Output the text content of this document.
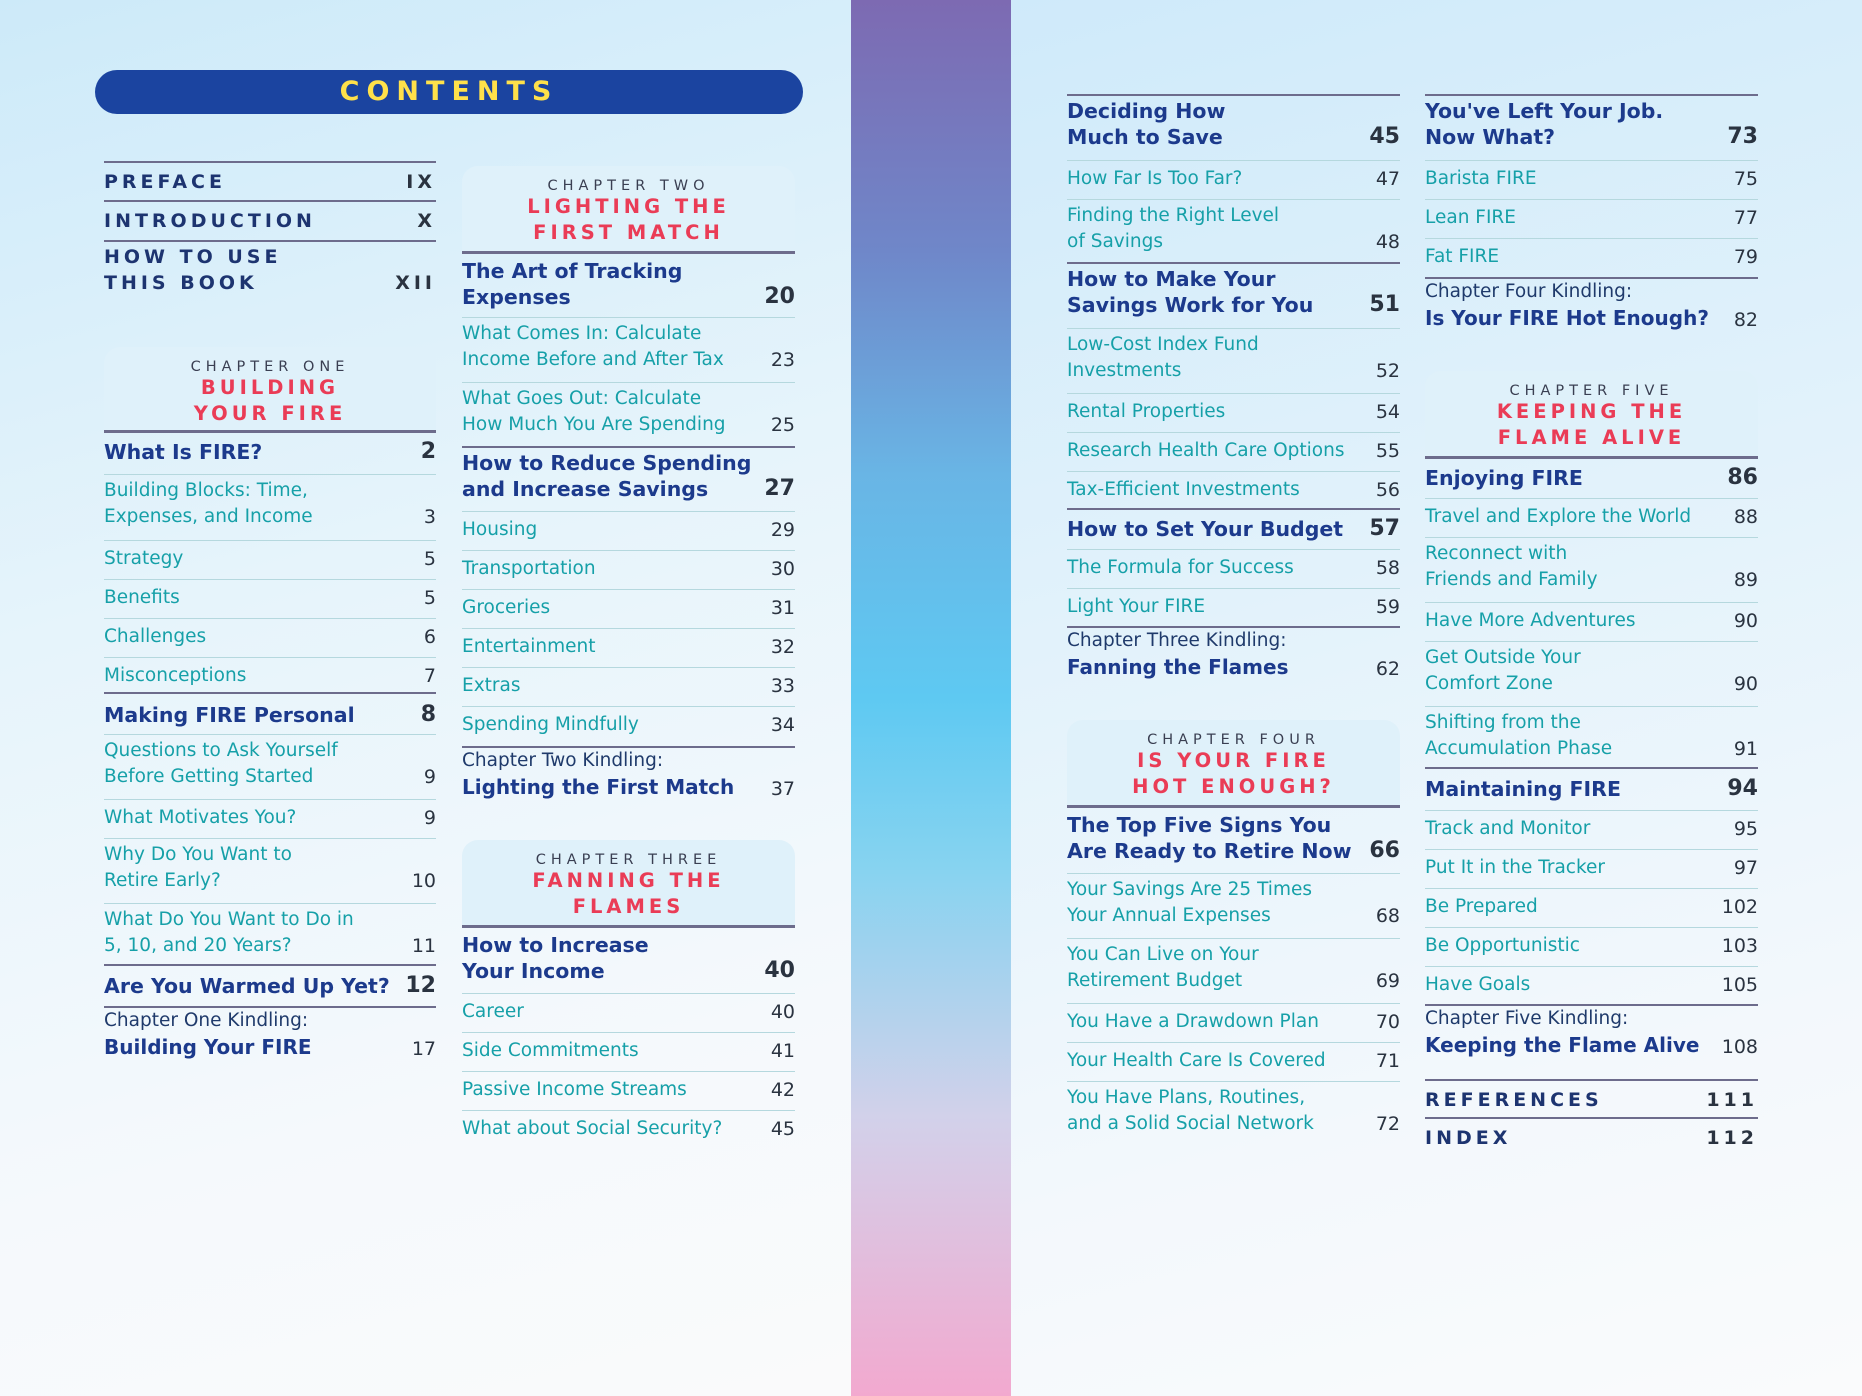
CONTENTS
PREFACE	IX
INTRODUCTION	X
HOW TO USE
THIS BOOK	XII
CHAPTER ONE
BUILDING
YOUR FIRE
What Is FIRE?	2
Building Blocks: Time,
Expenses, and Income	3
Strategy	5
Benefits	5
Challenges	6
Misconceptions	7
Making FIRE Personal	8
Questions to Ask Yourself
Before Getting Started	9
What Motivates You?	9
Why Do You Want to
Retire Early?	10
What Do You Want to Do in
5, 10, and 20 Years?	11
Are You Warmed Up Yet? 12
Chapter One Kindling:
Building Your FIRE	17
CHAPTER TWO
LIGHTING THE
FIRST MATCH
The Art of Tracking
Expenses	20
What Comes In: Calculate
Income Before and After Tax	23
What Goes Out: Calculate
How Much You Are Spending	25
How to Reduce Spending
and Increase Savings	27
Housing	29
Transportation	30
Groceries	31
Entertainment	32
Extras	33
Spending Mindfully	34
Chapter Two Kindling:
Lighting the First Match	37
CHAPTER THREE
FANNING THE
FLAMES
How to Increase
Your Income	40
Career	40
Side Commitments	41
Passive Income Streams	42
What about Social Security?	45
Deciding How
Much to Save	45
How Far Is Too Far?	47
Finding the Right Level
of Savings	48
How to Make Your
Savings Work for You	51
Low-Cost Index Fund
Investments	52
Rental Properties	54
Research Health Care Options	55
Tax-Efficient Investments	56
How to Set Your Budget	57
The Formula for Success	58
Light Your FIRE	59
Chapter Three Kindling:
Fanning the Flames	62
CHAPTER FOUR
IS YOUR FIRE
HOT ENOUGH?
The Top Five Signs You
Are Ready to Retire Now 66
Your Savings Are 25 Times
Your Annual Expenses	68
You Can Live on Your
Retirement Budget	69
You Have a Drawdown Plan	70
Your Health Care Is Covered	71
You Have Plans, Routines,
and a Solid Social Network	72
You've Left Your Job.
Now What?	73
Barista FIRE	75
Lean FIRE	77
Fat FIRE	79
Chapter Four Kindling:
Is Your FIRE Hot Enough?	82
CHAPTER FIVE
KEEPING THE
FLAME ALIVE
Enjoying FIRE	86
Travel and Explore the World	88
Reconnect with
Friends and Family	89
Have More Adventures	90
Get Outside Your
Comfort Zone	90
Shifting from the
Accumulation Phase	91
Maintaining FIRE	94
Track and Monitor	95
Put It in the Tracker	97
Be Prepared	102
Be Opportunistic	103
Have Goals	105
Chapter Five Kindling:
Keeping the Flame Alive	108
REFERENCES	111
INDEX	112
